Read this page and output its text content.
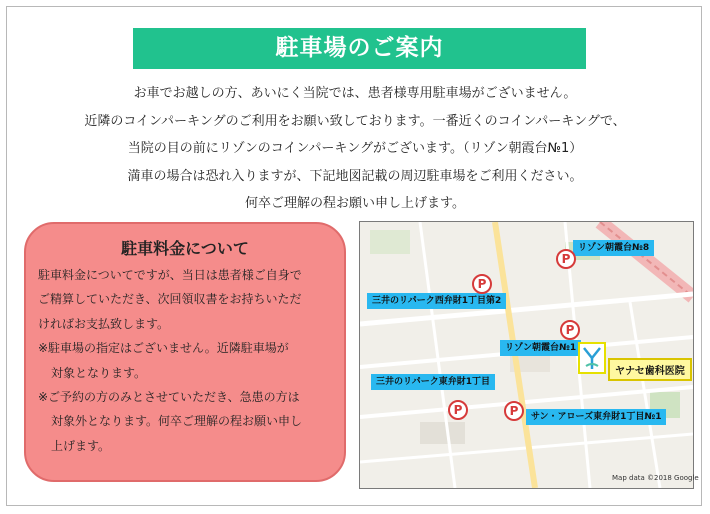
駐車場のご案内
お車でお越しの方、あいにく当院では、患者様専用駐車場がございません。
近隣のコインパーキングのご利用をお願い致しております。一番近くのコインパーキングで、
当院の目の前にリゾンのコインパーキングがございます。（リゾン朝霞台№1）
満車の場合は恐れ入りますが、下記地図記載の周辺駐車場をご利用ください。
何卒ご理解の程お願い申し上げます。
駐車料金について
駐車料金についてですが、当日は患者様ご自身で
ご精算していただき、次回領収書をお持ちいただ
ければお支払致します。
※駐車場の指定はございません。近隣駐車場が
対象となります。
※ご予約の方のみとさせていただき、急患の方は
対象外となります。何卒ご理解の程お願い申し
上げます。
リゾン朝霞台№8
三井のリパーク西弁財1丁目第2
リゾン朝霞台№1
三井のリパーク東弁財1丁目
サン・アローズ東弁財1丁目№1
P
P
P
P	P
ヤナセ歯科医院
Map data ©2018 Google
